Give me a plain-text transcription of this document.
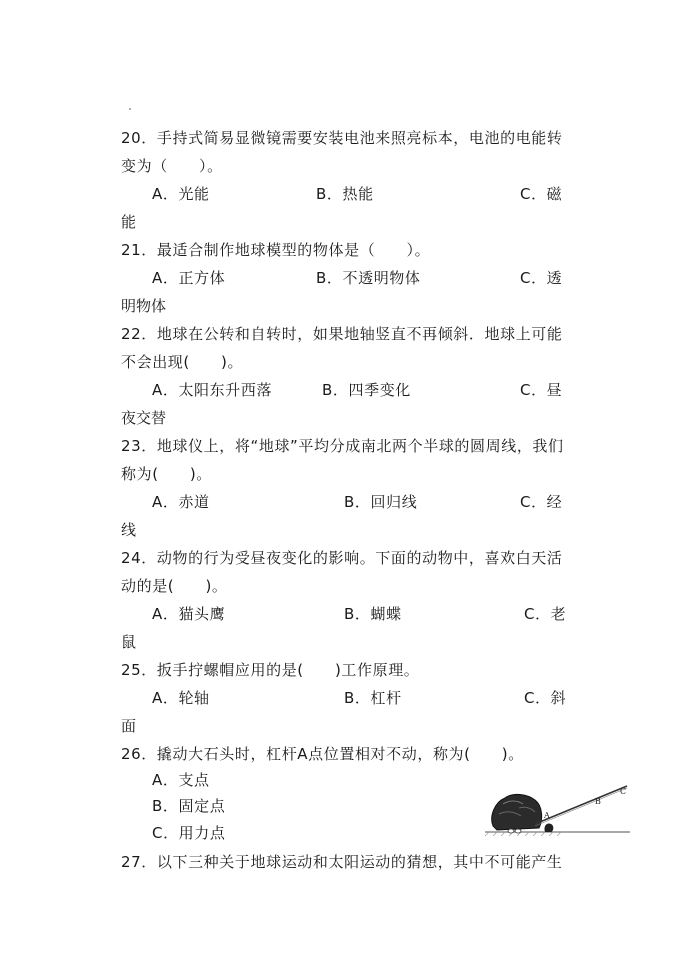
20．手持式简易显微镜需要安装电池来照亮标本，电池的电能转
变为（　　）。
A．光能	B．热能	C．磁
能
21．最适合制作地球模型的物体是（　　）。
A．正方体	B．不透明物体	C．透
明物体
22．地球在公转和自转时，如果地轴竖直不再倾斜．地球上可能
不会出现(　　)。
A．太阳东升西落	B．四季变化	C．昼
夜交替
23．地球仪上，将“地球”平均分成南北两个半球的圆周线，我们
称为(　　)。
A．赤道	B．回归线	C．经
线
24．动物的行为受昼夜变化的影响。下面的动物中，喜欢白天活
动的是(　　)。
A．猫头鹰	B．蝴蝶	C．老
鼠
25．扳手拧螺帽应用的是(　　)工作原理。
A．轮轴	B．杠杆	C．斜
面
26．撬动大石头时，杠杆A点位置相对不动，称为(　　)。
A．支点
B．固定点
C．用力点
A
B
C
27．以下三种关于地球运动和太阳运动的猜想，其中不可能产生
